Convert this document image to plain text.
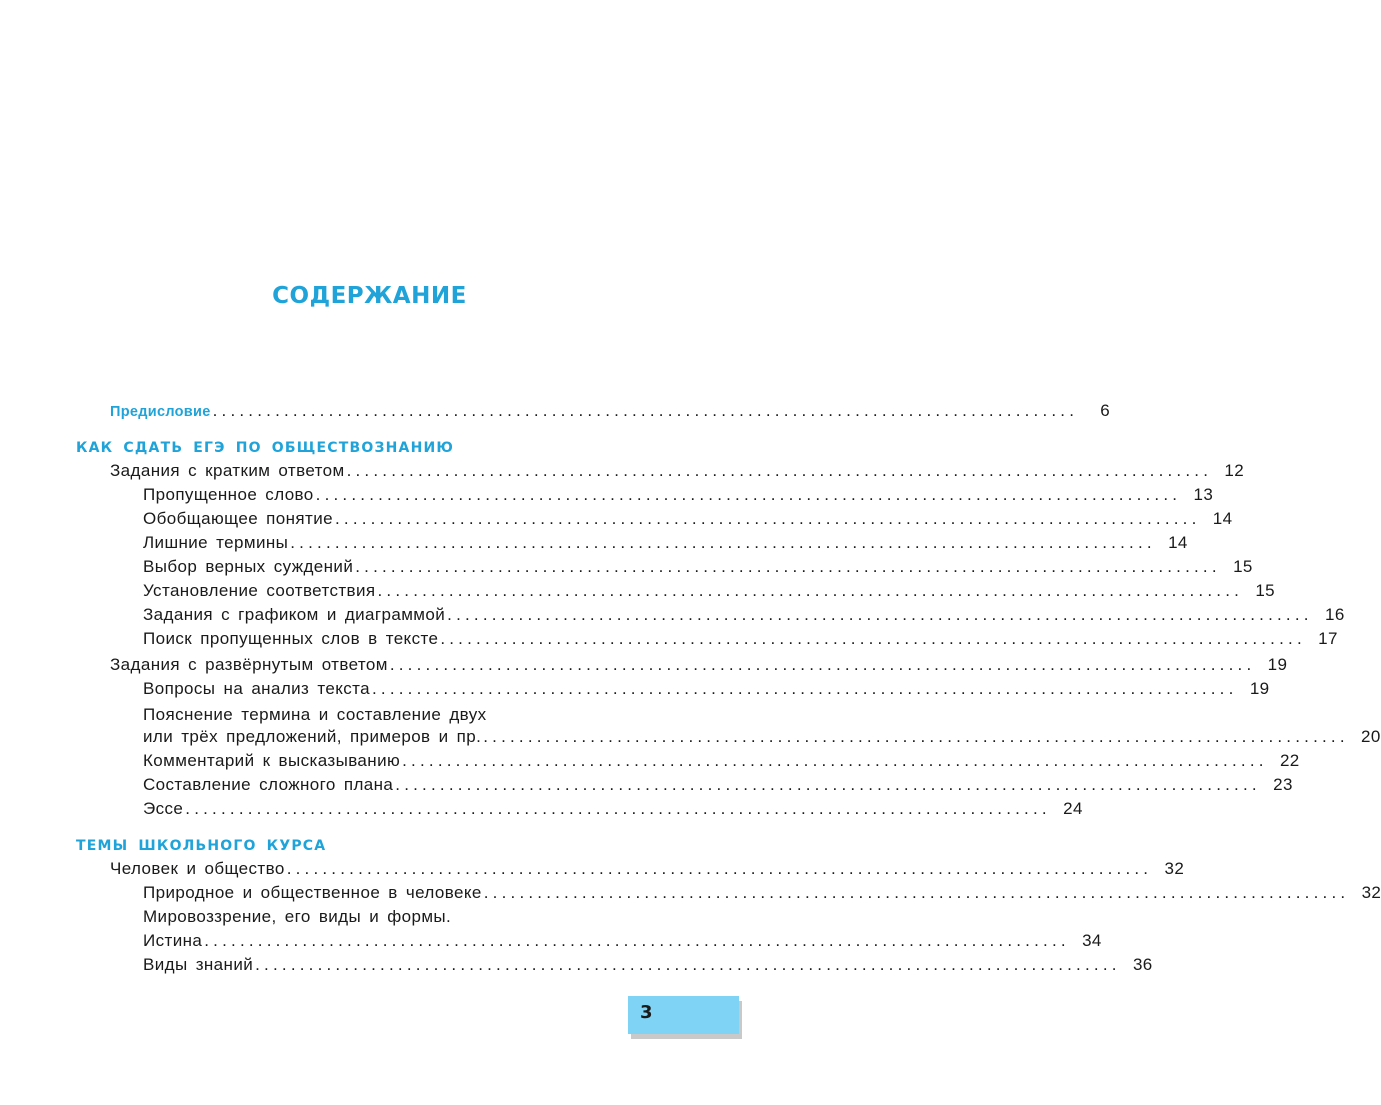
СОДЕРЖАНИЕ
Предисловие .................................................................................................	6
КАК СДАТЬ ЕГЭ ПО ОБЩЕСТВОЗНАНИЮ
Задания с кратким ответом ................................................................................................. 12
Пропущенное слово ................................................................................................. 13
Обобщающее понятие ................................................................................................. 14
Лишние термины ................................................................................................. 14
Выбор верных суждений ................................................................................................. 15
Установление соответствия ................................................................................................. 15
Задания с графиком и диаграммой ................................................................................................. 16
Поиск пропущенных слов в тексте ................................................................................................. 17
Задания с развёрнутым ответом ................................................................................................. 19
Вопросы на анализ текста ................................................................................................. 19
Пояснение термина и составление двух
или трёх предложений, примеров и пр. ................................................................................................. 20
Комментарий к высказыванию ................................................................................................. 22
Составление сложного плана ................................................................................................. 23
Эссе ................................................................................................. 24
ТЕМЫ ШКОЛЬНОГО КУРСА
Человек и общество ................................................................................................. 32
Природное и общественное в человеке ................................................................................................. 32
Мировоззрение, его виды и формы.
Истина ................................................................................................. 34
Виды знаний ................................................................................................. 36
3
